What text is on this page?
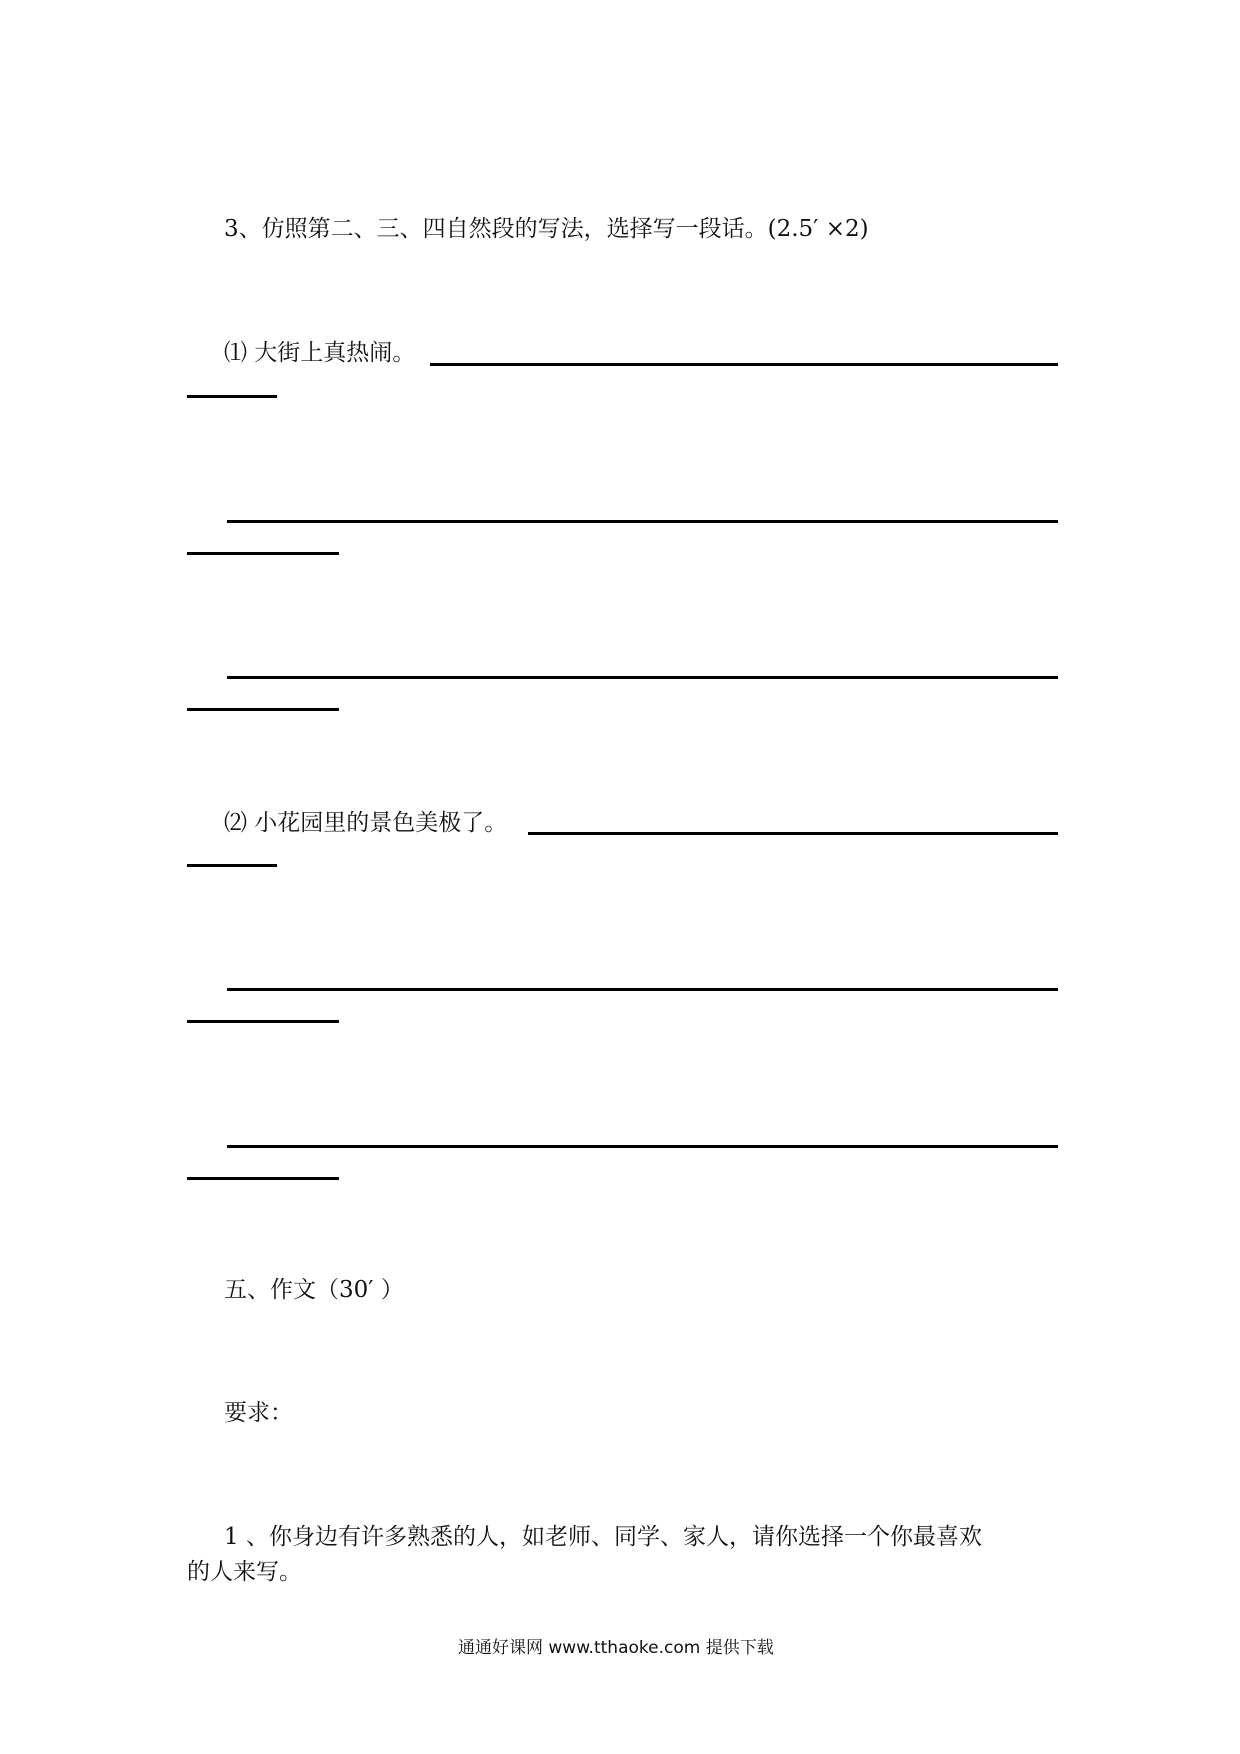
3、仿照第二、三、四自然段的写法，选择写一段话。(2.5′ ×2)
⑴ 大街上真热闹。
⑵ 小花园里的景色美极了。
五、作文（30′ ）
要求：
1 、你身边有许多熟悉的人，如老师、同学、家人，请你选择一个你最喜欢
的人来写。
通通好课网 www.tthaoke.com 提供下载
